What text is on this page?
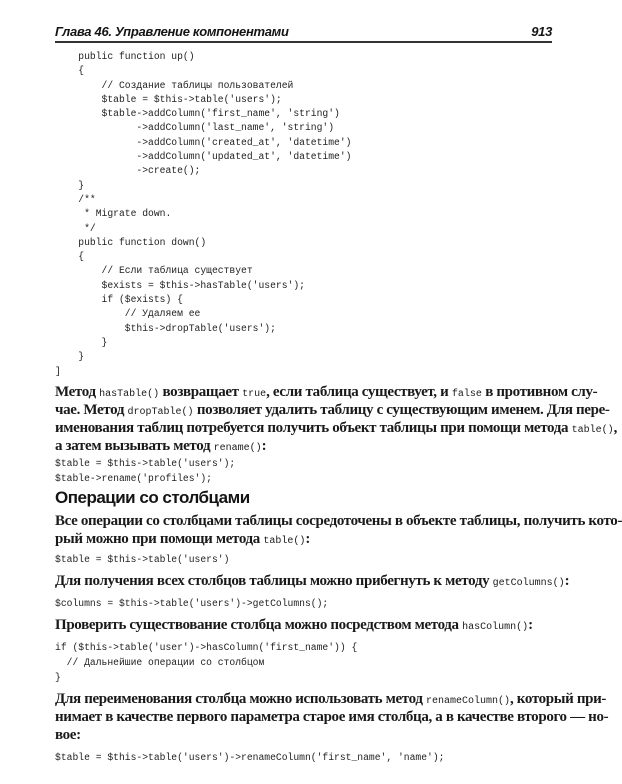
Глава 46. Управление компонентами	913
public function up()
{
// Создание таблицы пользователей
$table = $this->table('users');
$table->addColumn('first_name', 'string')
->addColumn('last_name', 'string')
->addColumn('created_at', 'datetime')
->addColumn('updated_at', 'datetime')
->create();
}
/**
* Migrate down.
*/
public function down()
{
// Если таблица существует
$exists = $this->hasTable('users');
if ($exists) {
// Удаляем ее
$this->dropTable('users');
}
}
]
Метод hasTable() возвращает true, если таблица существует, и false в противном слу-
чае. Метод dropTable() позволяет удалить таблицу с существующим именем. Для пере-
именования таблиц потребуется получить объект таблицы при помощи метода table(),
а затем вызывать метод rename():
$table = $this->table('users');
$table->rename('profiles');
Операции со столбцами
Все операции со столбцами таблицы сосредоточены в объекте таблицы, получить кото-
рый можно при помощи метода table():
$table = $this->table('users')
Для получения всех столбцов таблицы можно прибегнуть к методу getColumns():
$columns = $this->table('users')->getColumns();
Проверить существование столбца можно посредством метода hasColumn():
if ($this->table('user')->hasColumn('first_name')) {
// Дальнейшие операции со столбцом
}
Для переименования столбца можно использовать метод renameColumn(), который при-
нимает в качестве первого параметра старое имя столбца, а в качестве второго — но-
вое:
$table = $this->table('users')->renameColumn('first_name', 'name');
